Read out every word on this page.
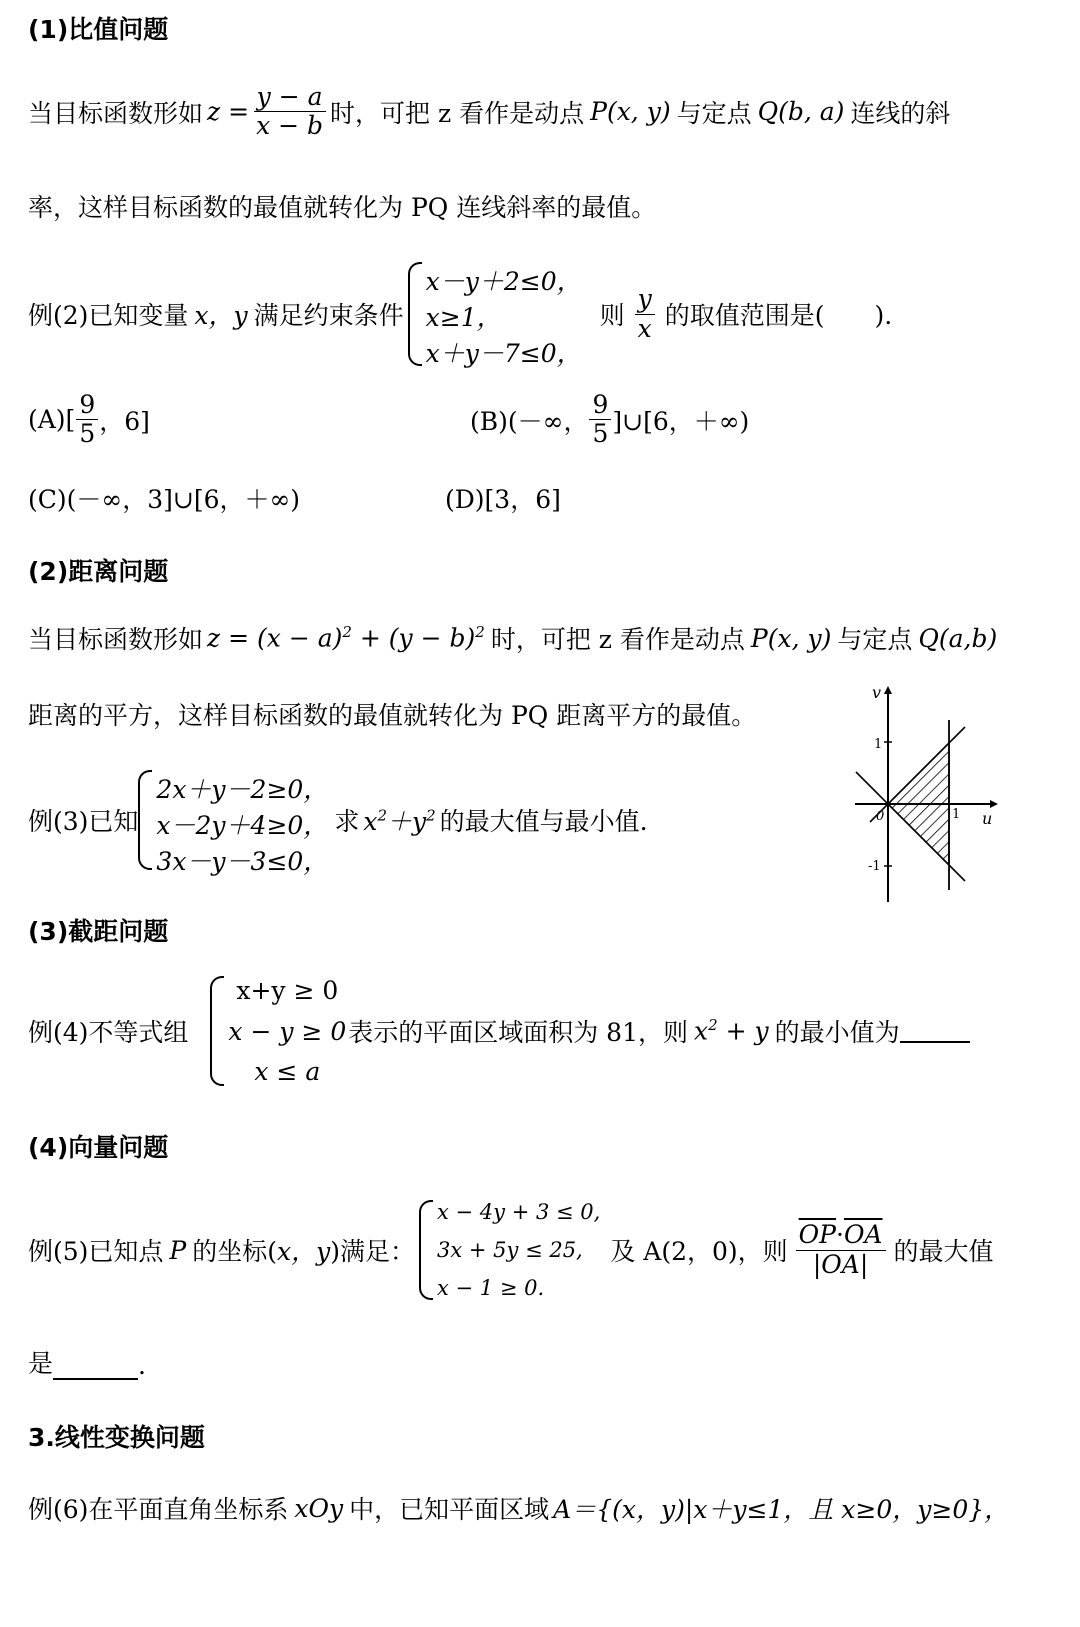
(1)比值问题
当目标函数形如 $z = \frac{y - a}{x - b}$ 时，可把 z 看作是动点 P(x, y) 与定点 Q(b, a) 连线的斜
率，这样目标函数的最值就转化为 PQ 连线斜率的最值。
例(2)已知变量 x，y 满足约束条件
x－y＋2≤0，
x≥1，
x＋y－7≤0，
则 $\frac{y}{x}$ 的取值范围是(　　).
$(A)[ \frac{9}{5}$ ，6]	(B)(－∞， $\frac{9}{5}$ ]∪[6，＋∞)
(C)(－∞，3]∪[6，＋∞)	(D)[3，6]
(2)距离问题
当目标函数形如 $z = (x - a)^2 + (y - b)^2$ 时，可把 z 看作是动点 P(x, y) 与定点 Q(a,b)
距离的平方，这样目标函数的最值就转化为 PQ 距离平方的最值。
例(3)已知
2x＋y－2≥0，
x－2y＋4≥0，
3x－y－3≤0，
求 $x^2+y^2$ 的最大值与最小值.
v
u
0
1
1
-1
(3)截距问题
例(4)不等式组
x+y ≥ 0
x − y ≥ 0
x ≤ a
表示的平面区域面积为 81，则 $x^2 + y$ 的最小值为
(4)向量问题
例(5)已知点 P 的坐标( x，y )满足：
x − 4y + 3 ≤ 0,
3x + 5y ≤ 25,
x − 1 ≥ 0.
及 A(2，0)，则 $\frac{\overline{OP}\cdot\overline{OA}}{|OA|}$ 的最大值
是	.
3.线性变换问题
例(6)在平面直角坐标系 xOy 中，已知平面区域 A＝{(x，y)|x＋y≤1，且 x≥0，y≥0}，
